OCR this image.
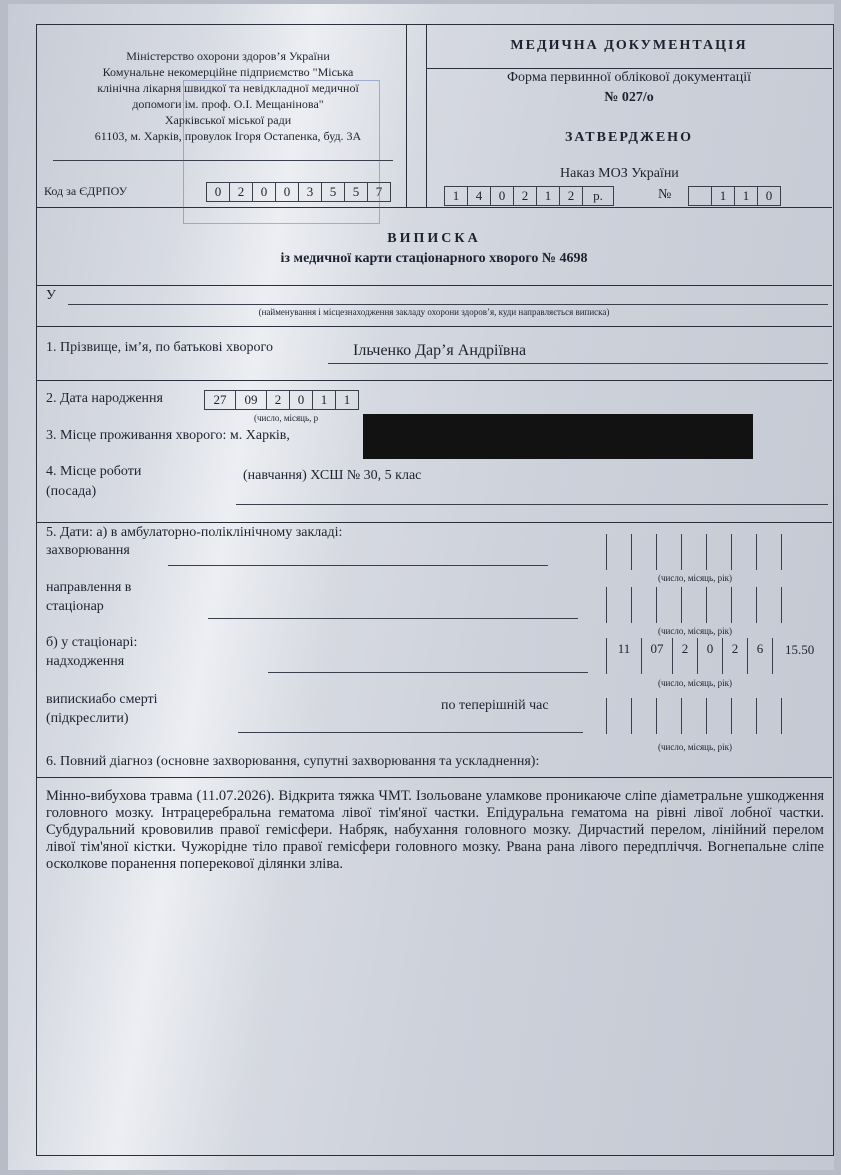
Міністерство охорони здоров’я України
Комунальне некомерційне підприємство "Міська
клінічна лікарня швидкої та невідкладної медичної
допомоги ім. проф. О.І. Мещанінова"
Харківської міської ради
61103, м. Харків, провулок Ігоря Остапенка, буд. 3А
Код за ЄДРПОУ	0	2	0	0	3	5	5	7

МЕДИЧНА ДОКУМЕНТАЦІЯ
Форма первинної облікової документації
№ 027/о
ЗАТВЕРДЖЕНО
Наказ МОЗ України
1	4	0	2	1	2	р.	№	1	1	0
ВИПИСКА
із медичної карти стаціонарного хворого № 4698
У
(найменування і місцезнаходження закладу охорони здоров’я, куди направляється виписка)
1. Прізвище, ім’я, по батькові хворого	Ільченко Дар’я Андріївна
2. Дата народження	27	09	2	0	1	1
(число, місяць, р
3. Місце проживання хворого: м. Харків,
4. Місце роботи
(посада)
(навчання) ХСШ № 30, 5 клас
5. Дати: а) в амбулаторно-поліклінічному закладі:
захворювання
(число, місяць, рік)
направлення в
стаціонар
(число, місяць, рік)
б) у стаціонарі:
надходження
11	07	2	0	2	6	15.50
(число, місяць, рік)
випискиабо смерті
(підкреслити)
по теперішній час
(число, місяць, рік)
6. Повний діагноз (основне захворювання, супутні захворювання та ускладнення):
Мінно-вибухова травма (11.07.2026). Відкрита тяжка ЧМТ. Ізольоване уламкове проникаюче сліпе діаметральне ушкодження головного мозку. Інтрацеребральна гематома лівої тім'яної частки. Епідуральна гематома на рівні лівої лобної частки. Субдуральний крововилив правої гемісфери. Набряк, набухання головного мозку. Дирчастий перелом, лінійний перелом лівої тім'яної кістки. Чужорідне тіло правої гемісфери головного мозку. Рвана рана лівого передпліччя. Вогнепальне сліпе осколкове поранення поперекової ділянки зліва.
